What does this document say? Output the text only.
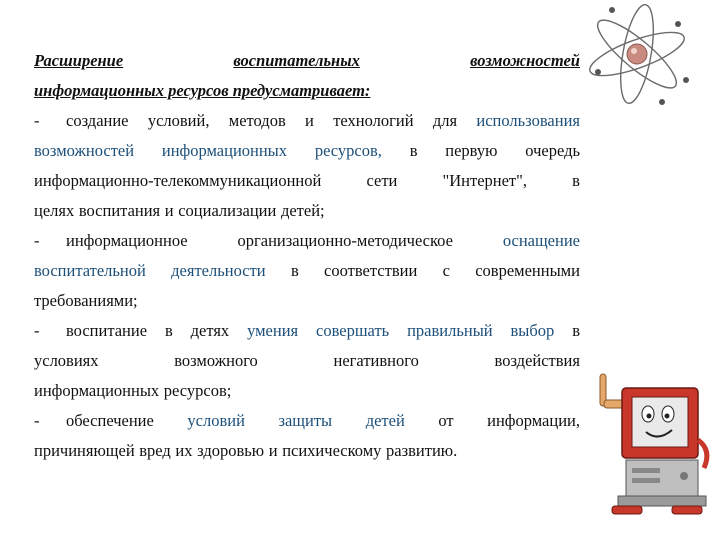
Расширение	воспитательных	возможностей
информационных ресурсов предусматривает:
-	создание условий, методов и технологий для использования
возможностей информационных ресурсов, в первую очередь
информационно-телекоммуникационной	сети	"Интернет",	в
целях воспитания и социализации детей;
-	информационное	организационно-методическое	оснащение
воспитательной деятельности в соответствии с современными
требованиями;
-	воспитание в детях умения совершать правильный выбор в
условиях	возможного	негативного	воздействия
информационных ресурсов;
-	обеспечение условий защиты детей от информации,
причиняющей вред их здоровью и психическому развитию.
